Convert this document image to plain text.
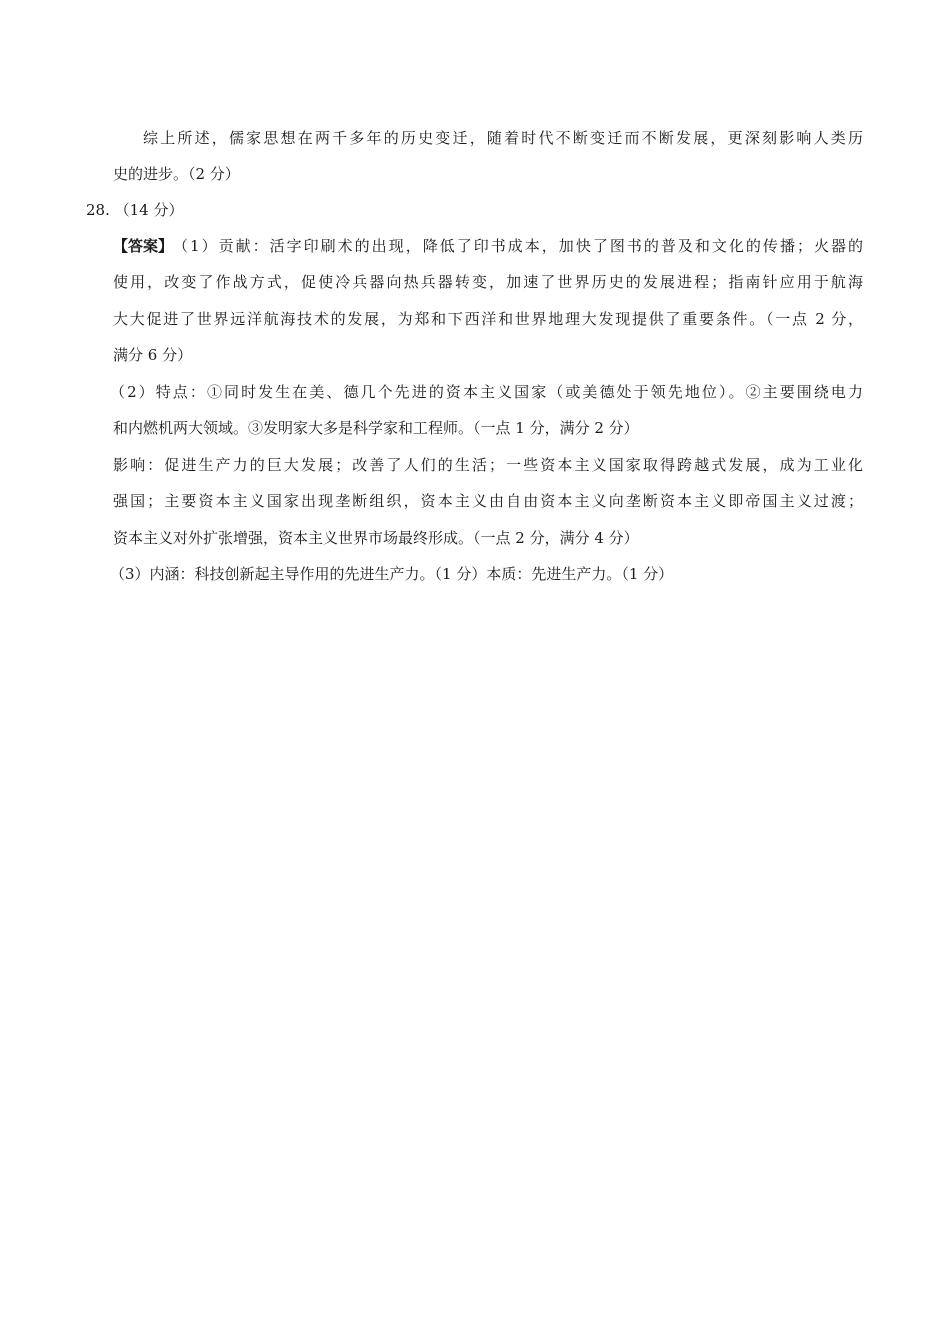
综上所述，儒家思想在两千多年的历史变迁，随着时代不断变迁而不断发展，更深刻影响人类历
史的进步。（2 分）
28. （14 分）
【答案】 （1）贡献：活字印刷术的出现，降低了印书成本，加快了图书的普及和文化的传播；火器的
使用，改变了作战方式，促使冷兵器向热兵器转变，加速了世界历史的发展进程；指南针应用于航海
大大促进了世界远洋航海技术的发展，为郑和下西洋和世界地理大发现提供了重要条件。（一点 2 分，
满分 6 分）
（2）特点：①同时发生在美、德几个先进的资本主义国家（或美德处于领先地位）。②主要围绕电力
和内燃机两大领域。③发明家大多是科学家和工程师。（一点 1 分，满分 2 分）
影响：促进生产力的巨大发展；改善了人们的生活；一些资本主义国家取得跨越式发展，成为工业化
强国；主要资本主义国家出现垄断组织，资本主义由自由资本主义向垄断资本主义即帝国主义过渡；
资本主义对外扩张增强，资本主义世界市场最终形成。（一点 2 分，满分 4 分）
（3）内涵：科技创新起主导作用的先进生产力。（1 分）本质：先进生产力。（1 分）
